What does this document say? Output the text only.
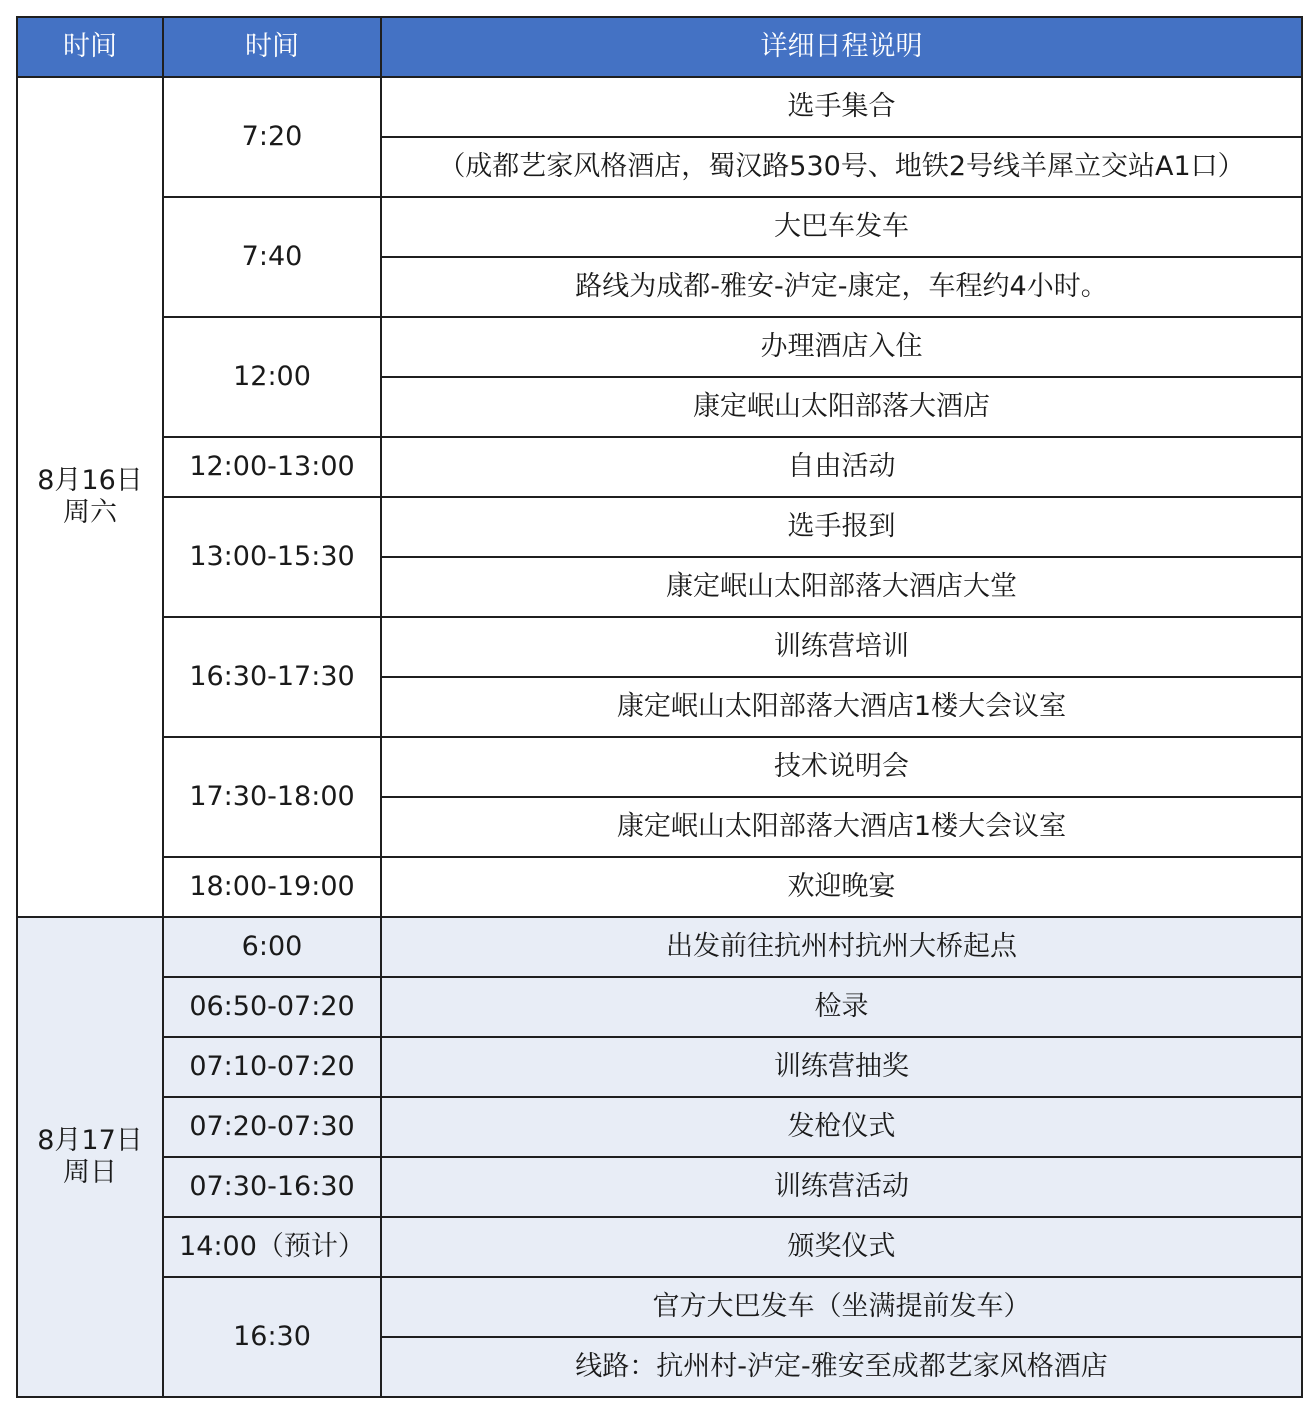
时间	时间	详细日程说明

8月16日
周六	7:20	选手集合
		（成都艺家风格酒店，蜀汉路530号、地铁2号线羊犀立交站A1口）
	7:40	大巴车发车
		路线为成都-雅安-泸定-康定，车程约4小时。
	12:00	办理酒店入住
		康定岷山太阳部落大酒店
	12:00-13:00	自由活动
	13:00-15:30	选手报到
		康定岷山太阳部落大酒店大堂
	16:30-17:30	训练营培训
		康定岷山太阳部落大酒店1楼大会议室
	17:30-18:00	技术说明会
		康定岷山太阳部落大酒店1楼大会议室
	18:00-19:00	欢迎晚宴

8月17日
周日	6:00	出发前往抗州村抗州大桥起点
	06:50-07:20	检录
	07:10-07:20	训练营抽奖
	07:20-07:30	发枪仪式
	07:30-16:30	训练营活动
	14:00（预计）	颁奖仪式
	16:30	官方大巴发车（坐满提前发车）
		线路：抗州村-泸定-雅安至成都艺家风格酒店
